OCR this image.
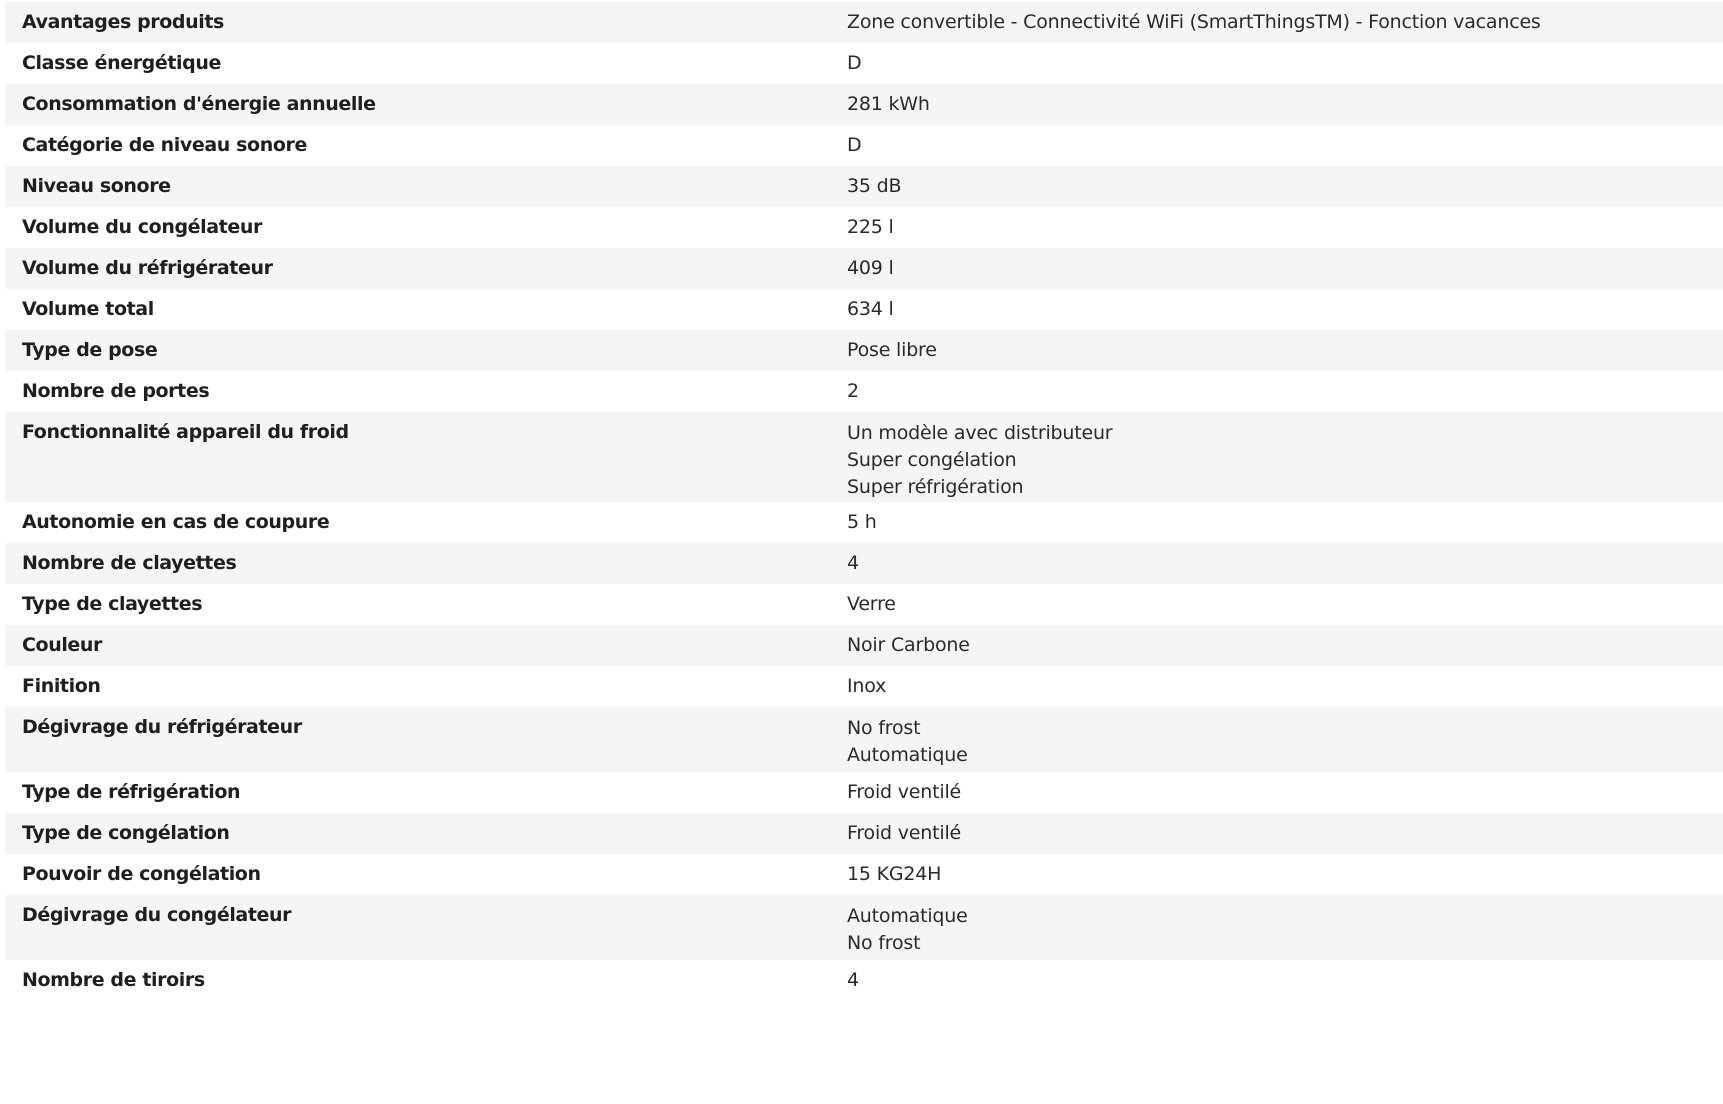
Avantages produits	Zone convertible - Connectivité WiFi (SmartThingsTM) - Fonction vacances
Classe énergétique	D
Consommation d'énergie annuelle	281 kWh
Catégorie de niveau sonore	D
Niveau sonore	35 dB
Volume du congélateur	225 l
Volume du réfrigérateur	409 l
Volume total	634 l
Type de pose	Pose libre
Nombre de portes	2
Fonctionnalité appareil du froid	Un modèle avec distributeur
Super congélation
Super réfrigération
Autonomie en cas de coupure	5 h
Nombre de clayettes	4
Type de clayettes	Verre
Couleur	Noir Carbone
Finition	Inox
Dégivrage du réfrigérateur	No frost
Automatique
Type de réfrigération	Froid ventilé
Type de congélation	Froid ventilé
Pouvoir de congélation	15 KG24H
Dégivrage du congélateur	Automatique
No frost
Nombre de tiroirs	4
